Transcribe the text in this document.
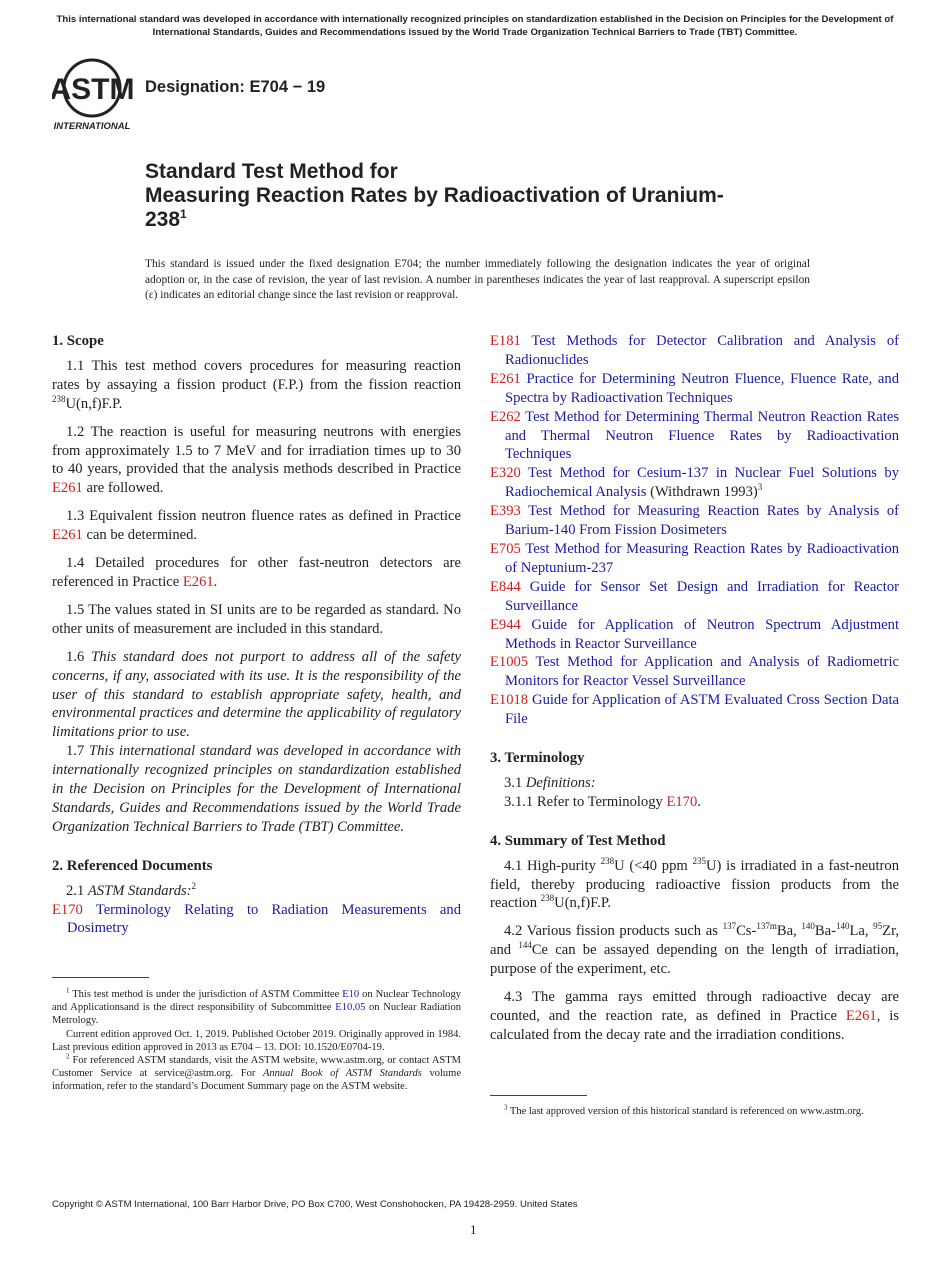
This international standard was developed in accordance with internationally recognized principles on standardization established in the Decision on Principles for the Development of International Standards, Guides and Recommendations issued by the World Trade Organization Technical Barriers to Trade (TBT) Committee.
ASTM
INTERNATIONAL
Designation: E704 − 19
Standard Test Method for
Measuring Reaction Rates by Radioactivation of Uranium-
$238^1$
This standard is issued under the fixed designation E704; the number immediately following the designation indicates the year of original adoption or, in the case of revision, the year of last revision. A number in parentheses indicates the year of last reapproval. A superscript epsilon (ε) indicates an editorial change since the last revision or reapproval.
1. Scope

1.1 This test method covers procedures for measuring reaction rates by assaying a fission product (F.P.) from the fission reaction $^{238}$U(n,f)F.P.

1.2 The reaction is useful for measuring neutrons with energies from approximately 1.5 to 7 MeV and for irradiation times up to 30 to 40 years, provided that the analysis methods described in Practice E261 are followed.

1.3 Equivalent fission neutron fluence rates as defined in Practice E261 can be determined.

1.4 Detailed procedures for other fast-neutron detectors are referenced in Practice E261.

1.5 The values stated in SI units are to be regarded as standard. No other units of measurement are included in this standard.

1.6 This standard does not purport to address all of the safety concerns, if any, associated with its use. It is the responsibility of the user of this standard to establish appropriate safety, health, and environmental practices and determine the applicability of regulatory limitations prior to use.

1.7 This international standard was developed in accordance with internationally recognized principles on standardization established in the Decision on Principles for the Development of International Standards, Guides and Recommendations issued by the World Trade Organization Technical Barriers to Trade (TBT) Committee.

2. Referenced Documents

2.1 ASTM Standards:$^2$

E170 Terminology Relating to Radiation Measurements and Dosimetry
E181 Test Methods for Detector Calibration and Analysis of Radionuclides
E261 Practice for Determining Neutron Fluence, Fluence Rate, and Spectra by Radioactivation Techniques
E262 Test Method for Determining Thermal Neutron Reaction Rates and Thermal Neutron Fluence Rates by Radioactivation Techniques
E320 Test Method for Cesium-137 in Nuclear Fuel Solutions by Radiochemical Analysis (Withdrawn 1993)$^3$
E393 Test Method for Measuring Reaction Rates by Analysis of Barium-140 From Fission Dosimeters
E705 Test Method for Measuring Reaction Rates by Radioactivation of Neptunium-237
E844 Guide for Sensor Set Design and Irradiation for Reactor Surveillance
E944 Guide for Application of Neutron Spectrum Adjustment Methods in Reactor Surveillance
E1005 Test Method for Application and Analysis of Radiometric Monitors for Reactor Vessel Surveillance
E1018 Guide for Application of ASTM Evaluated Cross Section Data File
3. Terminology

3.1 Definitions:

3.1.1 Refer to Terminology E170.

4. Summary of Test Method

4.1 High-purity $^{238}$U (<40 ppm $^{235}$U) is irradiated in a fast-neutron field, thereby producing radioactive fission products from the reaction $^{238}$U(n,f)F.P.

4.2 Various fission products such as $^{137}$Cs-$^{137m}$Ba, $^{140}$Ba-$^{140}$La, $^{95}$Zr, and $^{144}$Ce can be assayed depending on the length of irradiation, purpose of the experiment, etc.

4.3 The gamma rays emitted through radioactive decay are counted, and the reaction rate, as defined in Practice E261, is calculated from the decay rate and the irradiation conditions.

$^1$ This test method is under the jurisdiction of ASTM Committee E10 on Nuclear Technology and Applicationsand is the direct responsibility of Subcommittee E10.05 on Nuclear Radiation Metrology.

Current edition approved Oct. 1, 2019. Published October 2019. Originally approved in 1984. Last previous edition approved in 2013 as E704 – 13. DOI: 10.1520/E0704-19.

$^2$ For referenced ASTM standards, visit the ASTM website, www.astm.org, or contact ASTM Customer Service at service@astm.org. For Annual Book of ASTM Standards volume information, refer to the standard’s Document Summary page on the ASTM website.

$^3$ The last approved version of this historical standard is referenced on www.astm.org.

Copyright © ASTM International, 100 Barr Harbor Drive, PO Box C700, West Conshohocken, PA 19428-2959. United States
1
